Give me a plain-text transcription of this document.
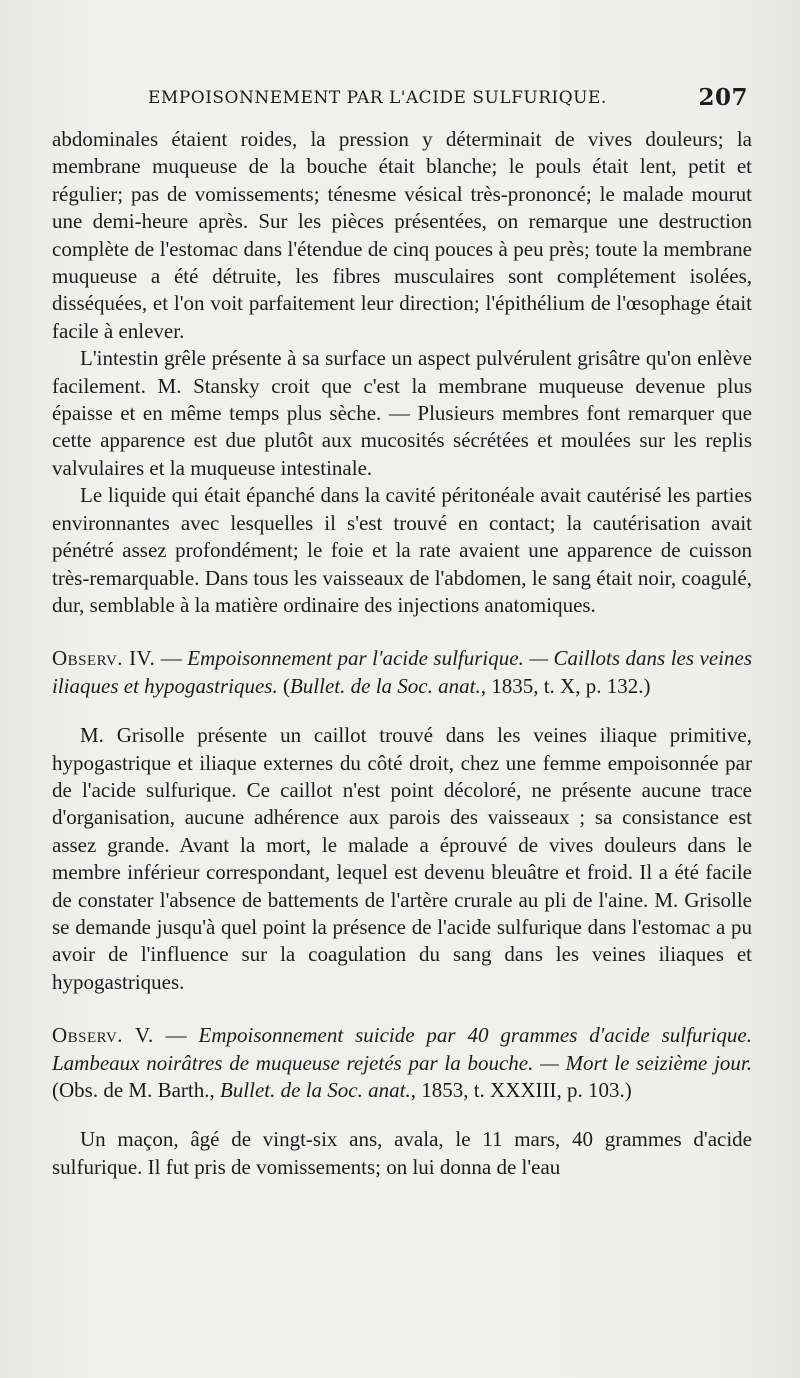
EMPOISONNEMENT PAR L'ACIDE SULFURIQUE.	207

abdominales étaient roides, la pression y déterminait de vives douleurs; la membrane muqueuse de la bouche était blanche; le pouls était lent, petit et régulier; pas de vomissements; ténesme vésical très-prononcé; le malade mourut une demi-heure après. Sur les pièces présentées, on remarque une destruction complète de l'estomac dans l'étendue de cinq pouces à peu près; toute la membrane muqueuse a été détruite, les fibres musculaires sont complétement isolées, disséquées, et l'on voit parfaitement leur direction; l'épithélium de l'œsophage était facile à enlever.

L'intestin grêle présente à sa surface un aspect pulvérulent grisâtre qu'on enlève facilement. M. Stansky croit que c'est la membrane muqueuse devenue plus épaisse et en même temps plus sèche. — Plusieurs membres font remarquer que cette apparence est due plutôt aux mucosités sécrétées et moulées sur les replis valvulaires et la muqueuse intestinale.

Le liquide qui était épanché dans la cavité péritonéale avait cautérisé les parties environnantes avec lesquelles il s'est trouvé en contact; la cautérisation avait pénétré assez profondément; le foie et la rate avaient une apparence de cuisson très-remarquable. Dans tous les vaisseaux de l'abdomen, le sang était noir, coagulé, dur, semblable à la matière ordinaire des injections anatomiques.

Observ. IV. — Empoisonnement par l'acide sulfurique. — Caillots dans les veines iliaques et hypogastriques. (Bullet. de la Soc. anat., 1835, t. X, p. 132.)

M. Grisolle présente un caillot trouvé dans les veines iliaque primitive, hypogastrique et iliaque externes du côté droit, chez une femme empoisonnée par de l'acide sulfurique. Ce caillot n'est point décoloré, ne présente aucune trace d'organisation, aucune adhérence aux parois des vaisseaux ; sa consistance est assez grande. Avant la mort, le malade a éprouvé de vives douleurs dans le membre inférieur correspondant, lequel est devenu bleuâtre et froid. Il a été facile de constater l'absence de battements de l'artère crurale au pli de l'aine. M. Grisolle se demande jusqu'à quel point la présence de l'acide sulfurique dans l'estomac a pu avoir de l'influence sur la coagulation du sang dans les veines iliaques et hypogastriques.

Observ. V. — Empoisonnement suicide par 40 grammes d'acide sulfurique. Lambeaux noirâtres de muqueuse rejetés par la bouche. — Mort le seizième jour. (Obs. de M. Barth., Bullet. de la Soc. anat., 1853, t. XXXIII, p. 103.)

Un maçon, âgé de vingt-six ans, avala, le 11 mars, 40 grammes d'acide sulfurique. Il fut pris de vomissements; on lui donna de l'eau
